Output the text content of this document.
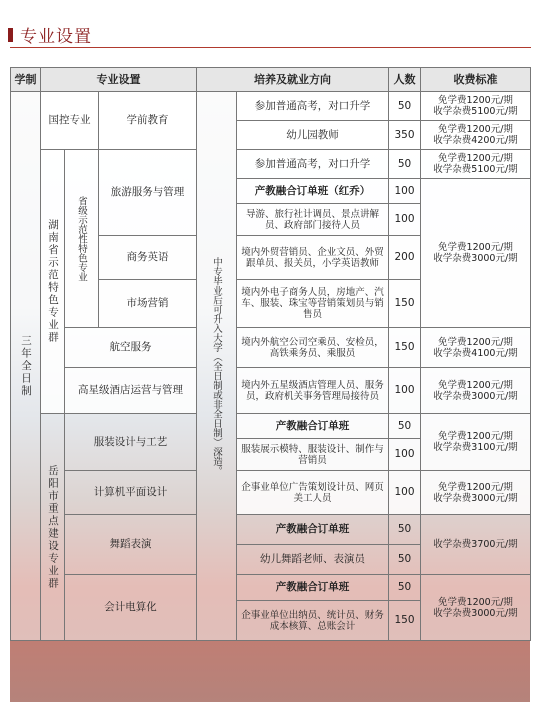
专业设置
学制	专业设置			培养及就业方向		人数	收费标准
三年全日制	国控专业		学前教育	中专毕业后可升入大学（全日制或非全日制）深造。	参加普通高考，对口升学	50	免学费1200元/期
收学杂费5100元/期
					幼儿园教师	350	免学费1200元/期
收学杂费4200元/期
	湖南省示范特色专业群	省级示范性特色专业	旅游服务与管理		参加普通高考，对口升学	50	免学费1200元/期
收学杂费5100元/期
					产教融合订单班（红乔）	100	免学费1200元/期
收学杂费3000元/期
					导游、旅行社计调员、景点讲解员、政府部门接待人员	100	
			商务英语		境内外贸营销员、企业文员、外贸跟单员、报关员，小学英语教师	200	
			市场营销		境内外电子商务人员，房地产、汽车、服装、珠宝等营销策划员与销售员	150	
		航空服务			境内外航空公司空乘员、安检员，高铁乘务员、乘服员	150	免学费1200元/期
收学杂费4100元/期
		高星级酒店运营与管理			境内外五星级酒店管理人员、服务员，政府机关事务管理局接待员	100	免学费1200元/期
收学杂费3000元/期
	岳阳市重点建设专业群	服装设计与工艺			产教融合订单班	50	免学费1200元/期
收学杂费3100元/期
					服装展示模特、服装设计、制作与营销员	100	
		计算机平面设计			企事业单位广告策划设计员、网页美工人员	100	免学费1200元/期
收学杂费3000元/期
		舞蹈表演			产教融合订单班	50	收学杂费3700元/期
					幼儿舞蹈老师、表演员	50	
		会计电算化			产教融合订单班	50	免学费1200元/期
收学杂费3000元/期
					企事业单位出纳员、统计员、财务成本核算、总账会计	150	
